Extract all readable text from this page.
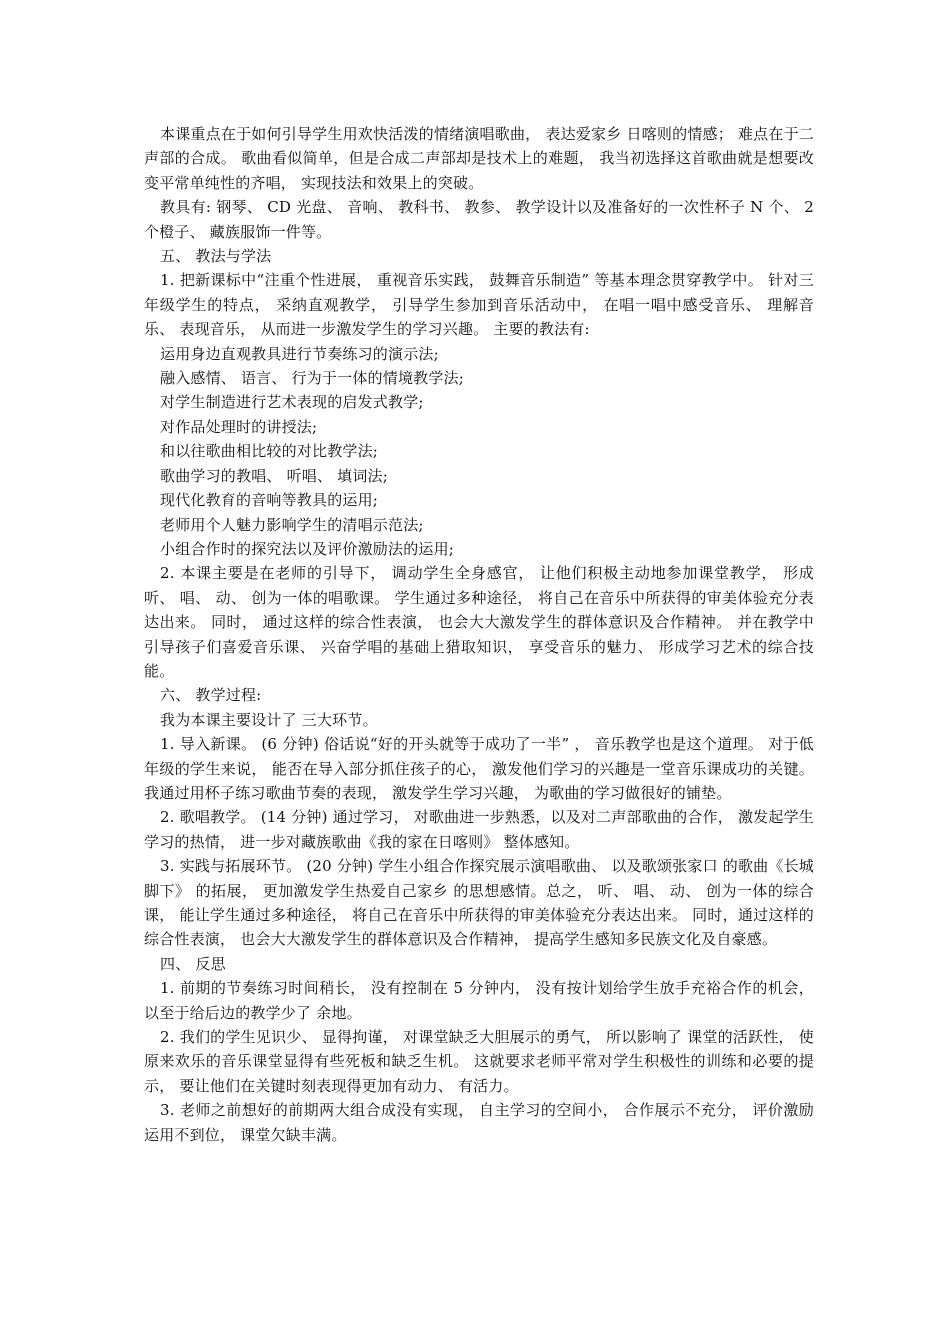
本课重点在于如何引导学生用欢快活泼的情绪演唱歌曲， 表达爱家乡 日喀则的情感； 难点在于二声部的合成。 歌曲看似简单，但是合成二声部却是技术上的难题， 我当初选择这首歌曲就是想要改变平常单纯性的齐唱， 实现技法和效果上的突破。

教具有: 钢琴、 CD 光盘、 音响、 教科书、 教参、 教学设计以及准备好的一次性杯子 N 个、 2 个橙子、 藏族服饰一件等。

五、 教法与学法

1. 把新课标中“注重个性进展， 重视音乐实践， 鼓舞音乐制造” 等基本理念贯穿教学中。 针对三年级学生的特点， 采纳直观教学， 引导学生参加到音乐活动中， 在唱一唱中感受音乐、 理解音乐、 表现音乐， 从而进一步激发学生的学习兴趣。 主要的教法有:

运用身边直观教具进行节奏练习的演示法;

融入感情、 语言、 行为于一体的情境教学法;

对学生制造进行艺术表现的启发式教学;

对作品处理时的讲授法;

和以往歌曲相比较的对比教学法;

歌曲学习的教唱、 听唱、 填词法;

现代化教育的音响等教具的运用;

老师用个人魅力影响学生的清唱示范法;

小组合作时的探究法以及评价激励法的运用;

2. 本课主要是在老师的引导下， 调动学生全身感官， 让他们积极主动地参加课堂教学， 形成听、 唱、 动、 创为一体的唱歌课。 学生通过多种途径， 将自己在音乐中所获得的审美体验充分表达出来。 同时， 通过这样的综合性表演， 也会大大激发学生的群体意识及合作精神。 并在教学中引导孩子们喜爱音乐课、 兴奋学唱的基础上猎取知识， 享受音乐的魅力、 形成学习艺术的综合技能。

六、 教学过程:

我为本课主要设计了 三大环节。

1. 导入新课。 (6 分钟) 俗话说“好的开头就等于成功了一半” ， 音乐教学也是这个道理。 对于低年级的学生来说， 能否在导入部分抓住孩子的心， 激发他们学习的兴趣是一堂音乐课成功的关键。 我通过用杯子练习歌曲节奏的表现， 激发学生学习兴趣， 为歌曲的学习做很好的铺垫。

2. 歌唱教学。 (14 分钟) 通过学习， 对歌曲进一步熟悉，以及对二声部歌曲的合作， 激发起学生学习的热情， 进一步对藏族歌曲《我的家在日喀则》 整体感知。

3. 实践与拓展环节。 (20 分钟) 学生小组合作探究展示演唱歌曲、 以及歌颂张家口 的歌曲《长城脚下》 的拓展， 更加激发学生热爱自己家乡 的思想感情。总之， 听、 唱、 动、 创为一体的综合课， 能让学生通过多种途径， 将自己在音乐中所获得的审美体验充分表达出来。 同时，通过这样的综合性表演， 也会大大激发学生的群体意识及合作精神， 提高学生感知多民族文化及自豪感。

四、 反思

1. 前期的节奏练习时间稍长， 没有控制在 5 分钟内， 没有按计划给学生放手充裕合作的机会， 以至于给后边的教学少了 余地。

2. 我们的学生见识少、 显得拘谨， 对课堂缺乏大胆展示的勇气， 所以影响了 课堂的活跃性， 使原来欢乐的音乐课堂显得有些死板和缺乏生机。 这就要求老师平常对学生积极性的训练和必要的提示， 要让他们在关键时刻表现得更加有动力、 有活力。

3. 老师之前想好的前期两大组合成没有实现， 自主学习的空间小， 合作展示不充分， 评价激励运用不到位， 课堂欠缺丰满。
